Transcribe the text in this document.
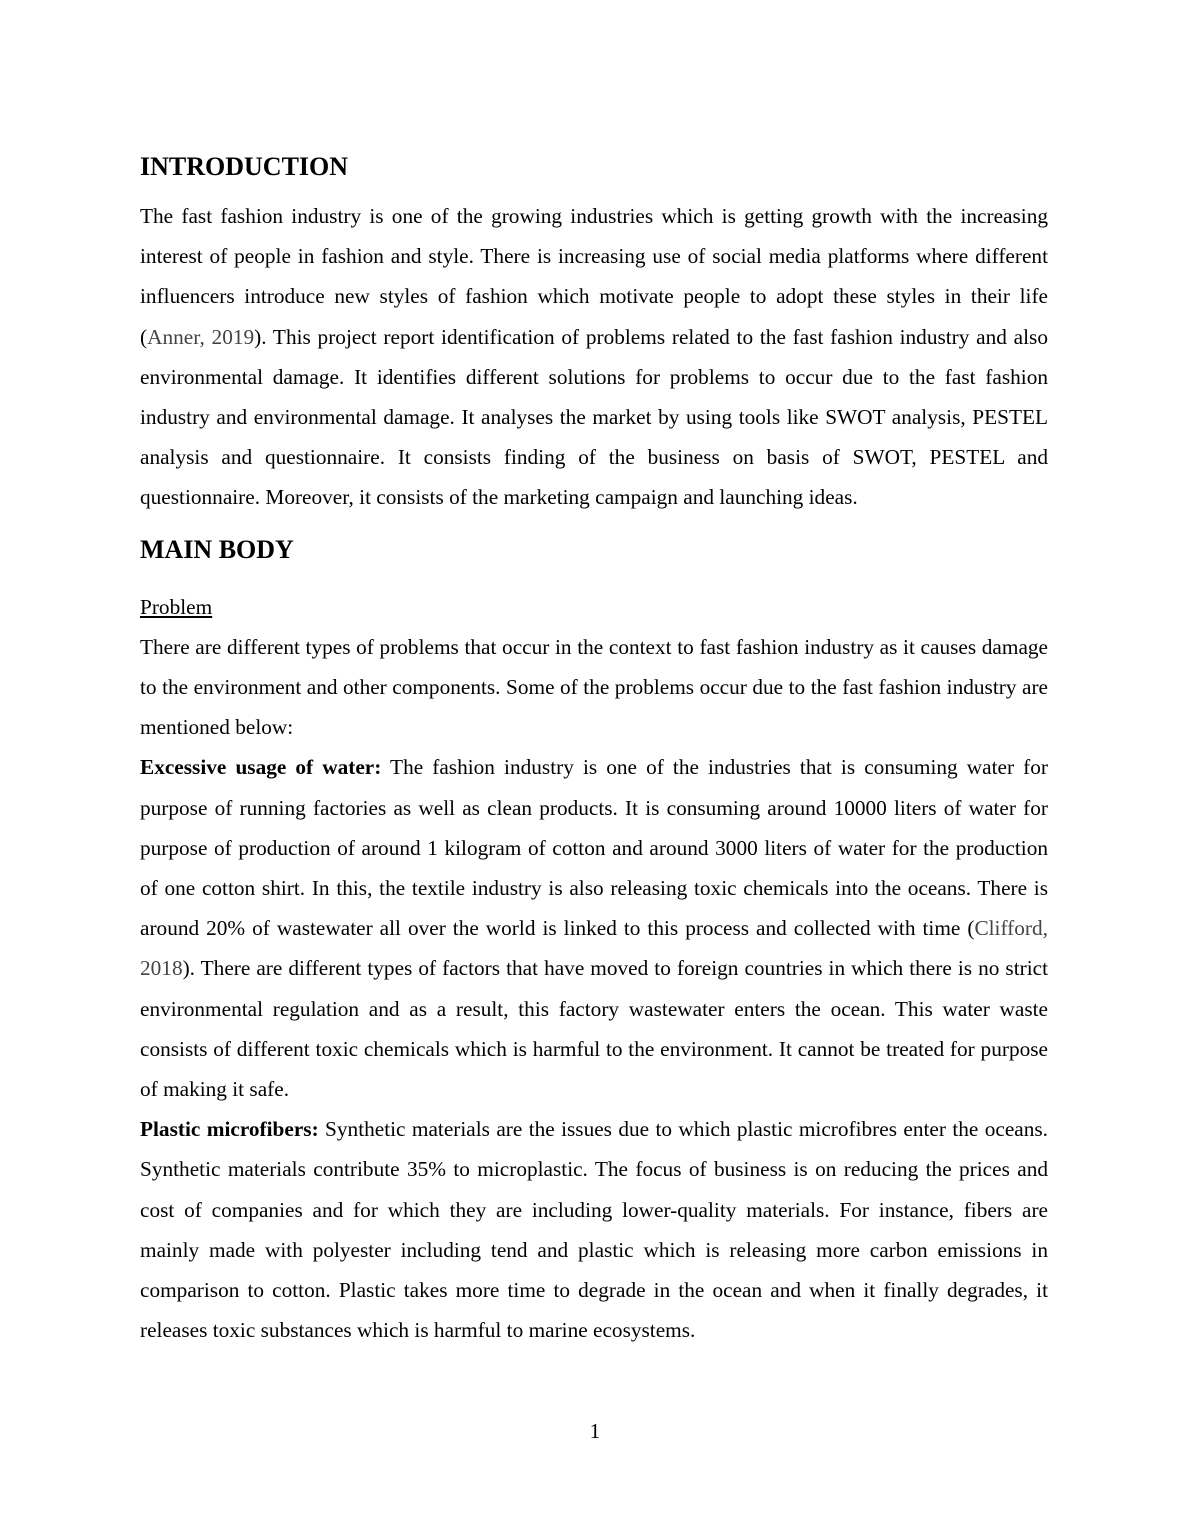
INTRODUCTION

The fast fashion industry is one of the growing industries which is getting growth with the increasing interest of people in fashion and style. There is increasing use of social media platforms where different influencers introduce new styles of fashion which motivate people to adopt these styles in their life (Anner, 2019). This project report identification of problems related to the fast fashion industry and also environmental damage. It identifies different solutions for problems to occur due to the fast fashion industry and environmental damage. It analyses the market by using tools like SWOT analysis, PESTEL analysis and questionnaire. It consists finding of the business on basis of SWOT, PESTEL and questionnaire. Moreover, it consists of the marketing campaign and launching ideas.

MAIN BODY
Problem

There are different types of problems that occur in the context to fast fashion industry as it causes damage to the environment and other components. Some of the problems occur due to the fast fashion industry are mentioned below:

Excessive usage of water: The fashion industry is one of the industries that is consuming water for purpose of running factories as well as clean products. It is consuming around 10000 liters of water for purpose of production of around 1 kilogram of cotton and around 3000 liters of water for the production of one cotton shirt. In this, the textile industry is also releasing toxic chemicals into the oceans. There is around 20% of wastewater all over the world is linked to this process and collected with time (Clifford, 2018). There are different types of factors that have moved to foreign countries in which there is no strict environmental regulation and as a result, this factory wastewater enters the ocean. This water waste consists of different toxic chemicals which is harmful to the environment. It cannot be treated for purpose of making it safe.

Plastic microfibers: Synthetic materials are the issues due to which plastic microfibres enter the oceans. Synthetic materials contribute 35% to microplastic. The focus of business is on reducing the prices and cost of companies and for which they are including lower-quality materials. For instance, fibers are mainly made with polyester including tend and plastic which is releasing more carbon emissions in comparison to cotton. Plastic takes more time to degrade in the ocean and when it finally degrades, it releases toxic substances which is harmful to marine ecosystems.

1
